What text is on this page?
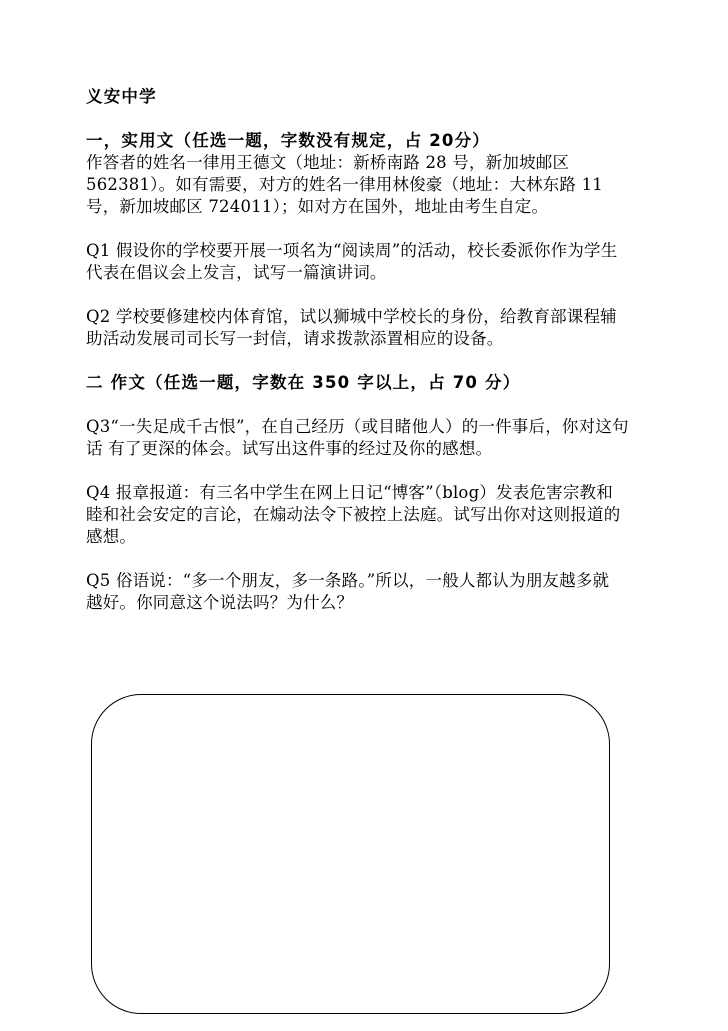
义安中学
一，实用文（任选一题，字数没有规定，占 20分）
作答者的姓名一律用王德文（地址：新桥南路 28 号，新加坡邮区
562381）。如有需要，对方的姓名一律用林俊豪（地址：大林东路 11
号，新加坡邮区 724011）；如对方在国外，地址由考生自定。
Q1 假设你的学校要开展一项名为“阅读周”的活动，校长委派你作为学生
代表在倡议会上发言，试写一篇演讲词。
Q2 学校要修建校内体育馆，试以狮城中学校长的身份，给教育部课程辅
助活动发展司司长写一封信，请求拨款添置相应的设备。
二 作文（任选一题，字数在 350 字以上，占 70 分）
Q3“一失足成千古恨”，在自己经历（或目睹他人）的一件事后，你对这句
话 有了更深的体会。试写出这件事的经过及你的感想。
Q4 报章报道：有三名中学生在网上日记“博客”（blog）发表危害宗教和
睦和社会安定的言论，在煽动法令下被控上法庭。试写出你对这则报道的
感想。
Q5 俗语说：“多一个朋友，多一条路。”所以，一般人都认为朋友越多就
越好。你同意这个说法吗？为什么？
